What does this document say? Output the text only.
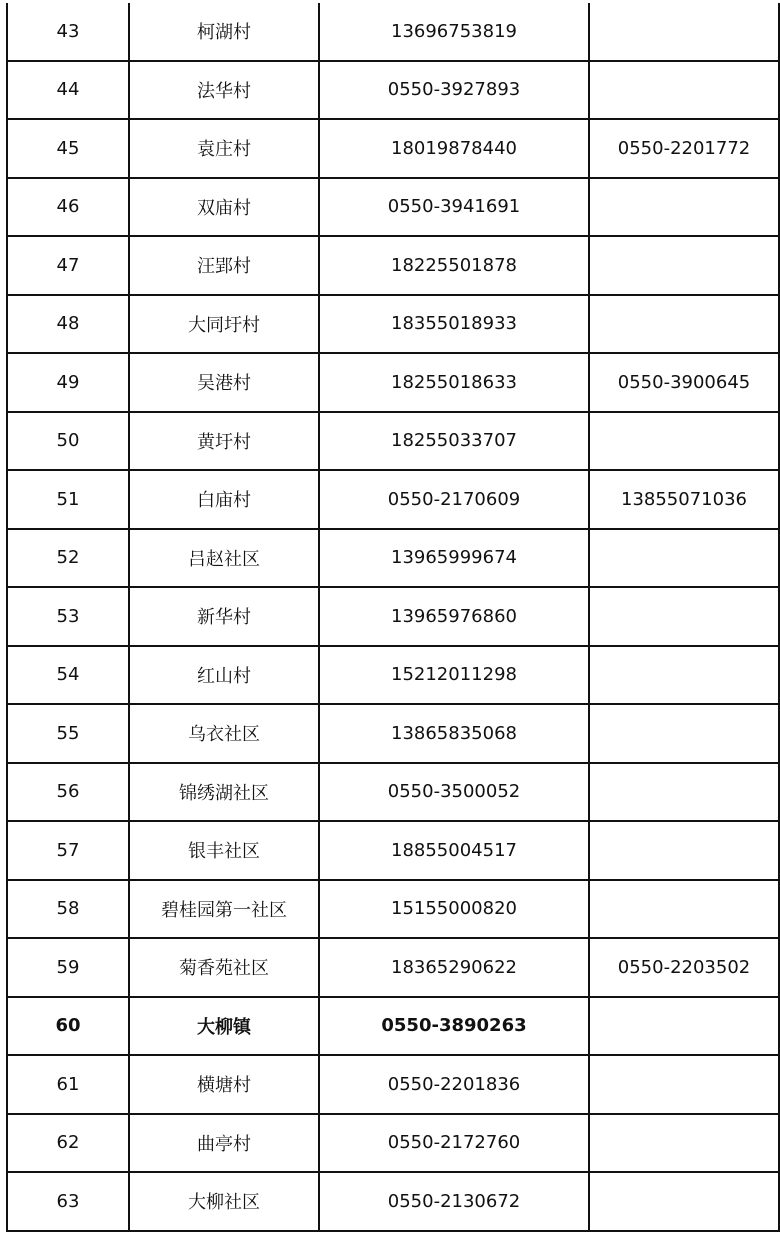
43	柯湖村	13696753819	
44	法华村	0550-3927893	
45	袁庄村	18019878440	0550-2201772
46	双庙村	0550-3941691	
47	汪郢村	18225501878	
48	大同圩村	18355018933	
49	吴港村	18255018633	0550-3900645
50	黄圩村	18255033707	
51	白庙村	0550-2170609	13855071036
52	吕赵社区	13965999674	
53	新华村	13965976860	
54	红山村	15212011298	
55	乌衣社区	13865835068	
56	锦绣湖社区	0550-3500052	
57	银丰社区	18855004517	
58	碧桂园第一社区	15155000820	
59	菊香苑社区	18365290622	0550-2203502
60	大柳镇	0550-3890263	
61	横塘村	0550-2201836	
62	曲亭村	0550-2172760	
63	大柳社区	0550-2130672	
